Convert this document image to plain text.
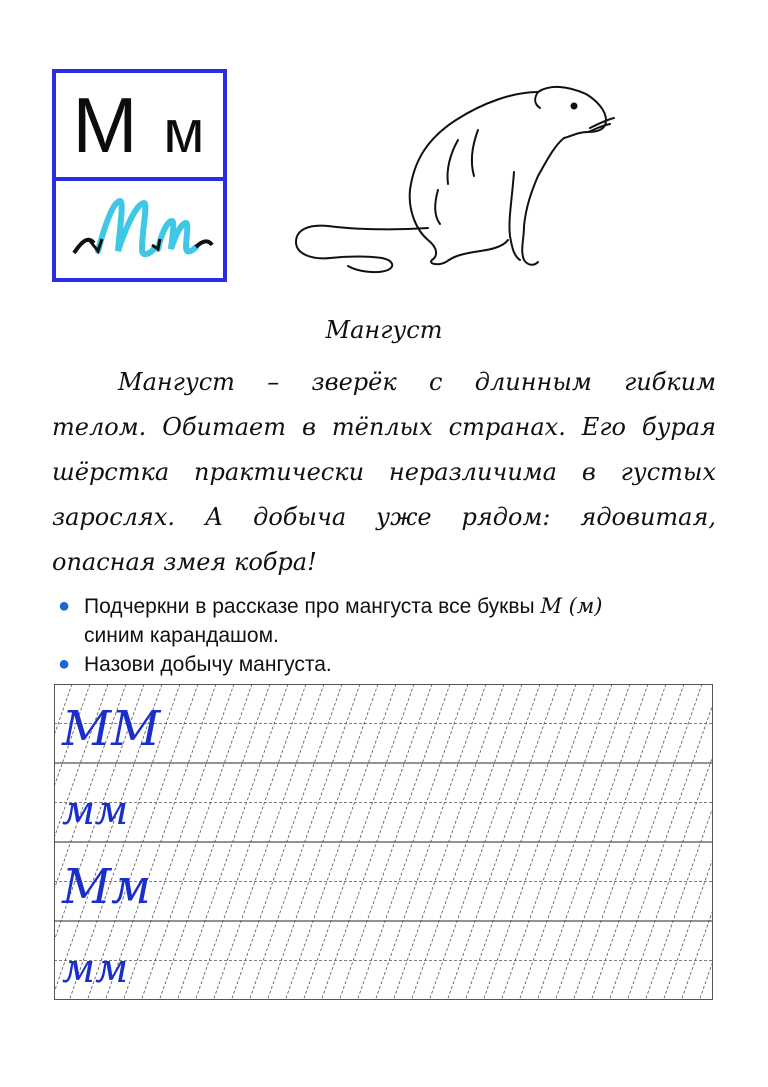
М м
Мангуст
Мангуст – зверёк с длинным гибким
телом. Обитает в тёплых странах. Его бурая
шёрстка практически неразличима в густых
зарослях. А добыча уже рядом: ядовитая,
опасная змея кобра!
● Подчеркни в рассказе про мангуста все буквы М (м)
синим карандашом.
● Назови добычу мангуста.
ММ
мм
Мм
мм
